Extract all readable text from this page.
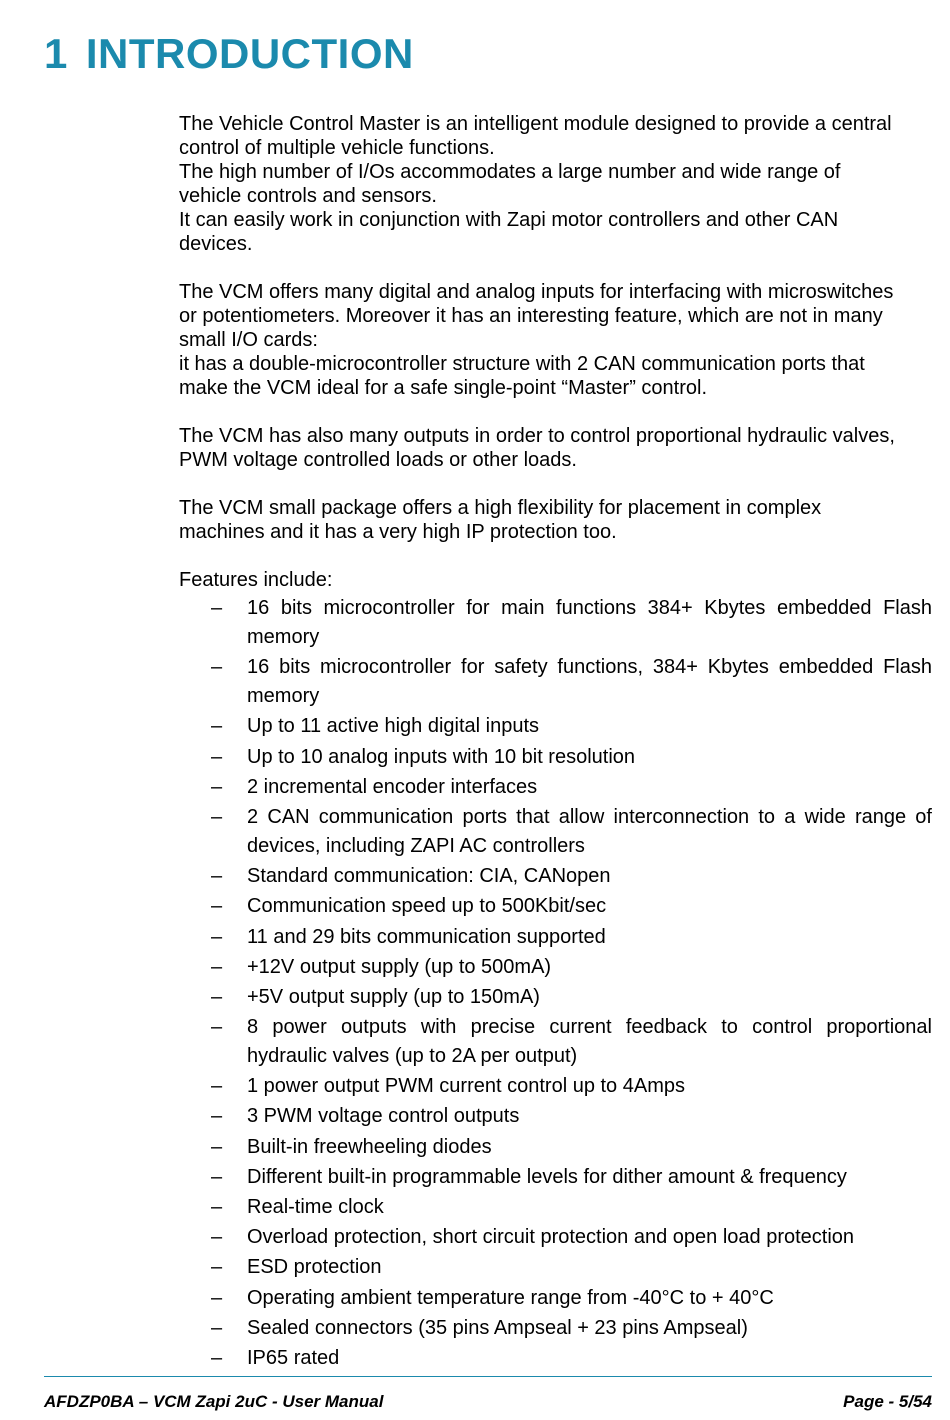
1 INTRODUCTION

The Vehicle Control Master is an intelligent module designed to provide a central
control of multiple vehicle functions.
The high number of I/Os accommodates a large number and wide range of
vehicle controls and sensors.
It can easily work in conjunction with Zapi motor controllers and other CAN
devices.

The VCM offers many digital and analog inputs for interfacing with microswitches
or potentiometers. Moreover it has an interesting feature, which are not in many
small I/O cards:
it has a double-microcontroller structure with 2 CAN communication ports that
make the VCM ideal for a safe single-point “Master” control.

The VCM has also many outputs in order to control proportional hydraulic valves,
PWM voltage controlled loads or other loads.

The VCM small package offers a high flexibility for placement in complex
machines and it has a very high IP protection too.

Features include:
– 16 bits microcontroller for main functions 384+ Kbytes embedded Flash memory
– 16 bits microcontroller for safety functions, 384+ Kbytes embedded Flash memory
– Up to 11 active high digital inputs
– Up to 10 analog inputs with 10 bit resolution
– 2 incremental encoder interfaces
– 2 CAN communication ports that allow interconnection to a wide range of devices, including ZAPI AC controllers
– Standard communication: CIA, CANopen
– Communication speed up to 500Kbit/sec
– 11 and 29 bits communication supported
– +12V output supply (up to 500mA)
– +5V output supply (up to 150mA)
– 8 power outputs with precise current feedback to control proportional hydraulic valves (up to 2A per output)
– 1 power output PWM current control up to 4Amps
– 3 PWM voltage control outputs
– Built-in freewheeling diodes
– Different built-in programmable levels for dither amount & frequency
– Real-time clock
– Overload protection, short circuit protection and open load protection
– ESD protection
– Operating ambient temperature range from -40°C to + 40°C
– Sealed connectors (35 pins Ampseal + 23 pins Ampseal)
– IP65 rated
AFDZP0BA – VCM Zapi 2uC - User Manual	Page - 5/54
